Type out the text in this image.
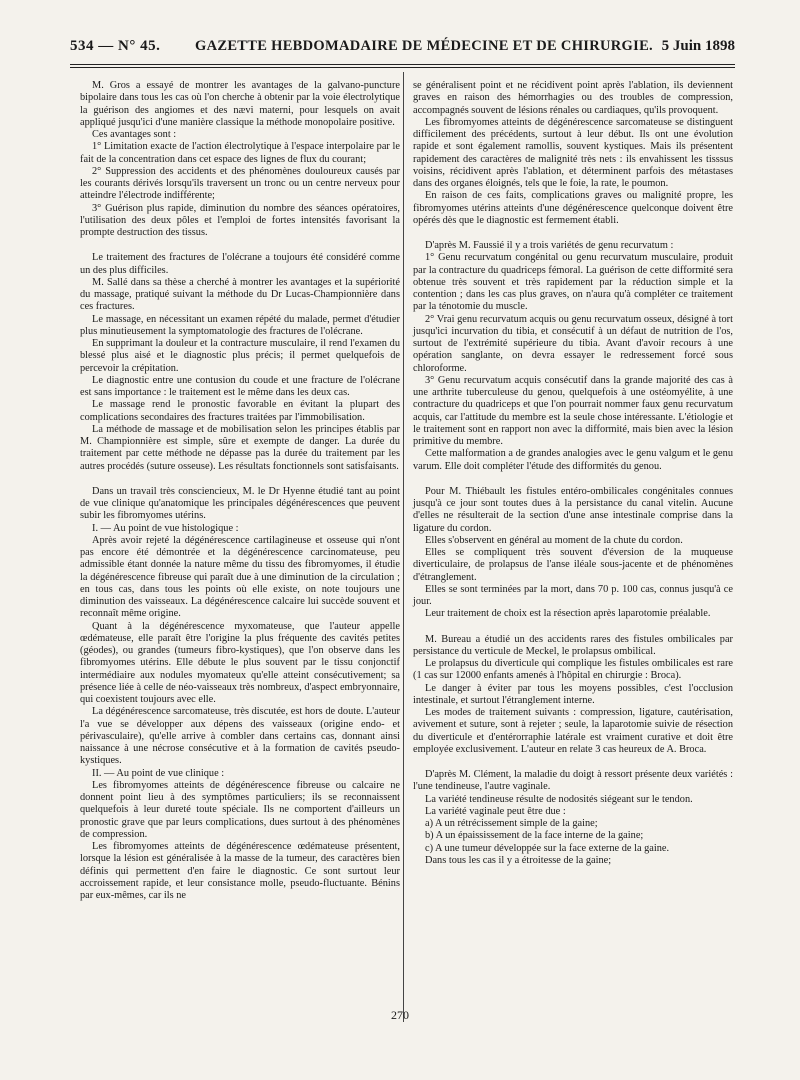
534 — N° 45. GAZETTE HEBDOMADAIRE DE MÉDECINE ET DE CHIRURGIE. 5 Juin 1898

M. Gros a essayé de montrer les avantages de la galvano-puncture bipolaire dans tous les cas où l'on cherche à obtenir par la voie électrolytique la guérison des angiomes et des nævi materni, pour lesquels on avait appliqué jusqu'ici d'une manière classique la méthode monopolaire positive.

Ces avantages sont :

1° Limitation exacte de l'action électrolytique à l'espace interpolaire par le fait de la concentration dans cet espace des lignes de flux du courant;

2° Suppression des accidents et des phénomènes douloureux causés par les courants dérivés lorsqu'ils traversent un tronc ou un centre nerveux pour atteindre l'électrode indifférente;

3° Guérison plus rapide, diminution du nombre des séances opératoires, l'utilisation des deux pôles et l'emploi de fortes intensités favorisant la prompte destruction des tissus.

Le traitement des fractures de l'olécrane a toujours été considéré comme un des plus difficiles.

M. Sallé dans sa thèse a cherché à montrer les avantages et la supériorité du massage, pratiqué suivant la méthode du Dr Lucas-Championnière dans ces fractures.

Le massage, en nécessitant un examen répété du malade, permet d'étudier plus minutieusement la symptomatologie des fractures de l'olécrane.

En supprimant la douleur et la contracture musculaire, il rend l'examen du blessé plus aisé et le diagnostic plus précis; il permet quelquefois de percevoir la crépitation.

Le diagnostic entre une contusion du coude et une fracture de l'olécrane est sans importance : le traitement est le même dans les deux cas.

Le massage rend le pronostic favorable en évitant la plupart des complications secondaires des fractures traitées par l'immobilisation.

La méthode de massage et de mobilisation selon les principes établis par M. Championnière est simple, sûre et exempte de danger. La durée du traitement par cette méthode ne dépasse pas la durée du traitement par les autres procédés (suture osseuse). Les résultats fonctionnels sont satisfaisants.

Dans un travail très consciencieux, M. le Dr Hyenne étudié tant au point de vue clinique qu'anatomique les principales dégénérescences que peuvent subir les fibromyomes utérins.

I. — Au point de vue histologique :

Après avoir rejeté la dégénérescence cartilagineuse et osseuse qui n'ont pas encore été démontrée et la dégénérescence carcinomateuse, peu admissible étant donnée la nature même du tissu des fibromyomes, il étudie la dégénérescence fibreuse qui paraît due à une diminution de la circulation ; en tous cas, dans tous les points où elle existe, on note toujours une diminution des vaisseaux. La dégénérescence calcaire lui succède souvent et reconnaît même origine.

Quant à la dégénérescence myxomateuse, que l'auteur appelle œdémateuse, elle paraît être l'origine la plus fréquente des cavités petites (géodes), ou grandes (tumeurs fibro-kystiques), que l'on observe dans les fibromyomes utérins. Elle débute le plus souvent par le tissu conjonctif intermédiaire aux nodules myomateux qu'elle atteint consécutivement; sa présence liée à celle de néo-vaisseaux très nombreux, d'aspect embryonnaire, qui coexistent toujours avec elle.

La dégénérescence sarcomateuse, très discutée, est hors de doute. L'auteur l'a vue se développer aux dépens des vaisseaux (origine endo- et périvasculaire), qu'elle arrive à combler dans certains cas, donnant ainsi naissance à une nécrose consécutive et à la formation de cavités pseudo-kystiques.

II. — Au point de vue clinique :

Les fibromyomes atteints de dégénérescence fibreuse ou calcaire ne donnent point lieu à des symptômes particuliers; ils se reconnaissent quelquefois à leur dureté toute spéciale. Ils ne comportent d'ailleurs un pronostic grave que par leurs complications, dues surtout à des phénomènes de compression.

Les fibromyomes atteints de dégénérescence œdémateuse présentent, lorsque la lésion est généralisée à la masse de la tumeur, des caractères bien définis qui permettent d'en faire le diagnostic. Ce sont surtout leur accroissement rapide, et leur consistance molle, pseudo-fluctuante. Bénins par eux-mêmes, car ils ne

se généralisent point et ne récidivent point après l'ablation, ils deviennent graves en raison des hémorrhagies ou des troubles de compression, accompagnés souvent de lésions rénales ou cardiaques, qu'ils provoquent.

Les fibromyomes atteints de dégénérescence sarcomateuse se distinguent difficilement des précédents, surtout à leur début. Ils ont une évolution rapide et sont également ramollis, souvent kystiques. Mais ils présentent rapidement des caractères de malignité très nets : ils envahissent les tisssus voisins, récidivent après l'ablation, et déterminent parfois des métastases dans des organes éloignés, tels que le foie, la rate, le poumon.

En raison de ces faits, complications graves ou malignité propre, les fibromyomes utérins atteints d'une dégénérescence quelconque doivent être opérés dès que le diagnostic est fermement établi.

D'après M. Faussié il y a trois variétés de genu recurvatum :

1° Genu recurvatum congénital ou genu recurvatum musculaire, produit par la contracture du quadriceps fémoral. La guérison de cette difformité sera obtenue très souvent et très rapidement par la réduction simple et la contention ; dans les cas plus graves, on n'aura qu'à compléter ce traitement par la ténotomie du muscle.

2° Vrai genu recurvatum acquis ou genu recurvatum osseux, désigné à tort jusqu'ici incurvation du tibia, et consécutif à un défaut de nutrition de l'os, surtout de l'extrémité supérieure du tibia. Avant d'avoir recours à une opération sanglante, on devra essayer le redressement forcé sous chloroforme.

3° Genu recurvatum acquis consécutif dans la grande majorité des cas à une arthrite tuberculeuse du genou, quelquefois à une ostéomyélite, à une contracture du quadriceps et que l'on pourrait nommer faux genu recurvatum acquis, car l'attitude du membre est la seule chose intéressante. L'étiologie et le traitement sont en rapport non avec la difformité, mais bien avec la lésion primitive du membre.

Cette malformation a de grandes analogies avec le genu valgum et le genu varum. Elle doit compléter l'étude des difformités du genou.

Pour M. Thiébault les fistules entéro-ombilicales congénitales connues jusqu'à ce jour sont toutes dues à la persistance du canal vitelin. Aucune d'elles ne résulterait de la section d'une anse intestinale comprise dans la ligature du cordon.

Elles s'observent en général au moment de la chute du cordon.

Elles se compliquent très souvent d'éversion de la muqueuse diverticulaire, de prolapsus de l'anse iléale sous-jacente et de phénomènes d'étranglement.

Elles se sont terminées par la mort, dans 70 p. 100 cas, connus jusqu'à ce jour.

Leur traitement de choix est la résection après laparotomie préalable.

M. Bureau a étudié un des accidents rares des fistules ombilicales par persistance du verticule de Meckel, le prolapsus ombilical.

Le prolapsus du diverticule qui complique les fistules ombilicales est rare (1 cas sur 12000 enfants amenés à l'hôpital en chirurgie : Broca).

Le danger à éviter par tous les moyens possibles, c'est l'occlusion intestinale, et surtout l'étranglement interne.

Les modes de traitement suivants : compression, ligature, cautérisation, avivement et suture, sont à rejeter ; seule, la laparotomie suivie de résection du diverticule et d'entérorraphie latérale est vraiment curative et doit être employée exclusivement. L'auteur en relate 3 cas heureux de A. Broca.

D'après M. Clément, la maladie du doigt à ressort présente deux variétés : l'une tendineuse, l'autre vaginale.

La variété tendineuse résulte de nodosités siégeant sur le tendon.

La variété vaginale peut être due :

a) A un rétrécissement simple de la gaine;

b) A un épaississement de la face interne de la gaine;

c) A une tumeur développée sur la face externe de la gaine.

Dans tous les cas il y a étroitesse de la gaine;

270
